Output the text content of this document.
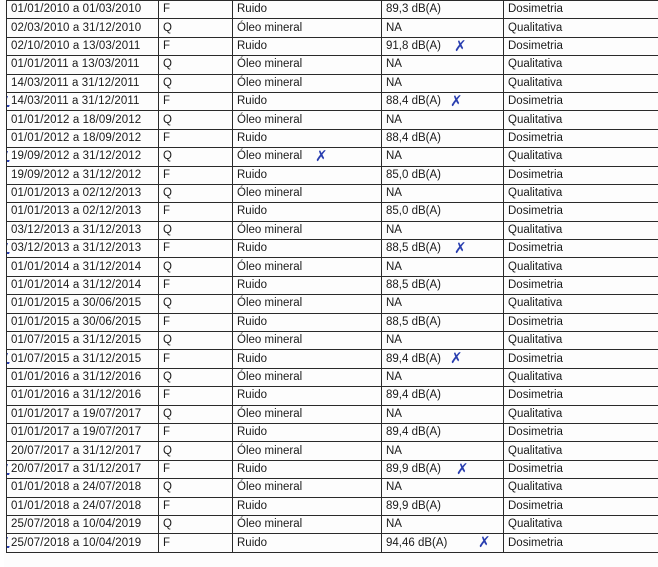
01/01/2010 a 01/03/2010	F	Ruido	89,3 dB(A)	Dosimetria
02/03/2010 a 31/12/2010	Q	Óleo mineral	NA	Qualitativa
02/10/2010 a 13/03/2011	F	Ruido	91,8 dB(A) ✗	Dosimetria
01/01/2011 a 13/03/2011	Q	Óleo mineral	NA	Qualitativa
14/03/2011 a 31/12/2011	Q	Óleo mineral	NA	Qualitativa
14/03/2011 a 31/12/2011	F	Ruido	88,4 dB(A) ✗	Dosimetria
01/01/2012 a 18/09/2012	Q	Óleo mineral	NA	Qualitativa
01/01/2012 a 18/09/2012	F	Ruido	88,4 dB(A)	Dosimetria
19/09/2012 a 31/12/2012	Q	Óleo mineral ✗	NA	Qualitativa
19/09/2012 a 31/12/2012	F	Ruido	85,0 dB(A)	Dosimetria
01/01/2013 a 02/12/2013	Q	Óleo mineral	NA	Qualitativa
01/01/2013 a 02/12/2013	F	Ruido	85,0 dB(A)	Dosimetria
03/12/2013 a 31/12/2013	Q	Óleo mineral	NA	Qualitativa
03/12/2013 a 31/12/2013	F	Ruido	88,5 dB(A) ✗	Dosimetria
01/01/2014 a 31/12/2014	Q	Óleo mineral	NA	Qualitativa
01/01/2014 a 31/12/2014	F	Ruido	88,5 dB(A)	Dosimetria
01/01/2015 a 30/06/2015	Q	Óleo mineral	NA	Qualitativa
01/01/2015 a 30/06/2015	F	Ruido	88,5 dB(A)	Dosimetria
01/07/2015 a 31/12/2015	Q	Óleo mineral	NA	Qualitativa
01/07/2015 a 31/12/2015	F	Ruido	89,4 dB(A) ✗	Dosimetria
01/01/2016 a 31/12/2016	Q	Óleo mineral	NA	Qualitativa
01/01/2016 a 31/12/2016	F	Ruido	89,4 dB(A)	Dosimetria
01/01/2017 a 19/07/2017	Q	Óleo mineral	NA	Qualitativa
01/01/2017 a 19/07/2017	F	Ruido	89,4 dB(A)	Dosimetria
20/07/2017 a 31/12/2017	Q	Óleo mineral	NA	Qualitativa
20/07/2017 a 31/12/2017	F	Ruido	89,9 dB(A) ✗	Dosimetria
01/01/2018 a 24/07/2018	Q	Óleo mineral	NA	Qualitativa
01/01/2018 a 24/07/2018	F	Ruido	89,9 dB(A)	Dosimetria
25/07/2018 a 10/04/2019	Q	Óleo mineral	NA	Qualitativa
25/07/2018 a 10/04/2019	F	Ruido	94,46 dB(A) ✗	Dosimetria
